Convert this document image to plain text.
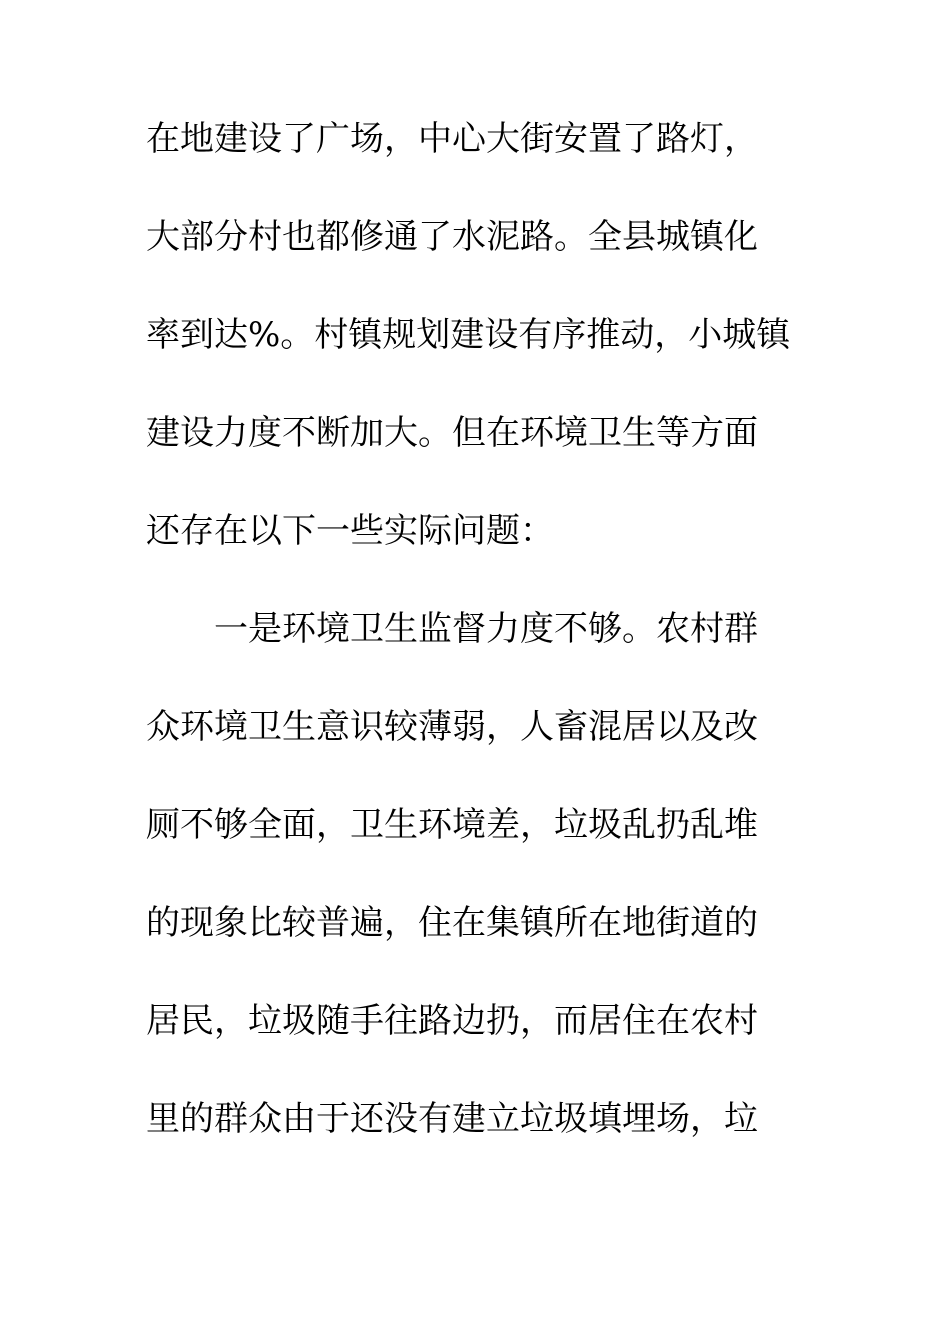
在地建设了广场，中心大街安置了路灯，
大部分村也都修通了水泥路。全县城镇化
率到达%。村镇规划建设有序推动，小城镇
建设力度不断加大。但在环境卫生等方面
还存在以下一些实际问题：
一是环境卫生监督力度不够。农村群
众环境卫生意识较薄弱，人畜混居以及改
厕不够全面，卫生环境差，垃圾乱扔乱堆
的现象比较普遍，住在集镇所在地街道的
居民，垃圾随手往路边扔，而居住在农村
里的群众由于还没有建立垃圾填埋场，垃
